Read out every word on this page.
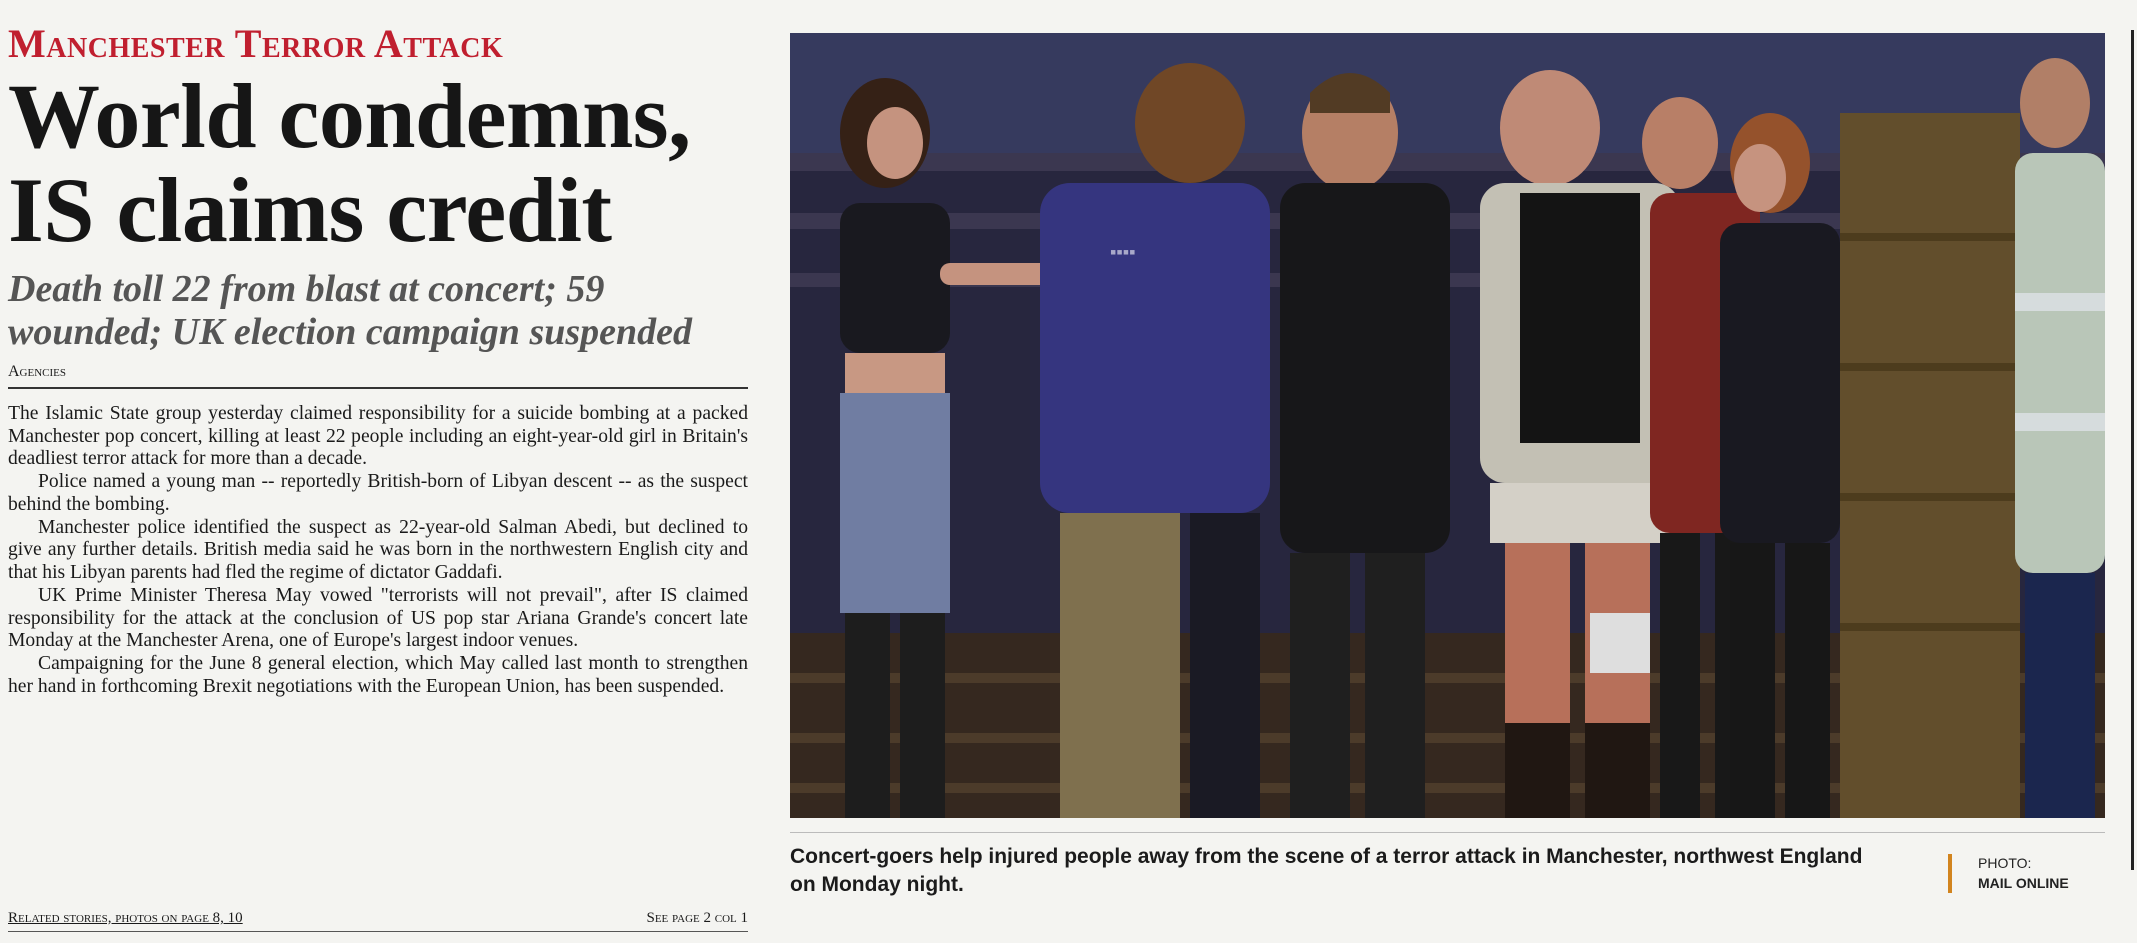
Manchester Terror Attack
World condemns,
IS claims credit
Death toll 22 from blast at concert; 59 wounded; UK election campaign suspended
Agencies

The Islamic State group yesterday claimed responsibility for a suicide bombing at a packed Manchester pop concert, killing at least 22 people including an eight-year-old girl in Britain's deadliest terror attack for more than a decade.

Police named a young man -- reportedly British-born of Libyan descent -- as the suspect behind the bombing.

Manchester police identified the suspect as 22-year-old Salman Abedi, but declined to give any further details. British media said he was born in the northwestern English city and that his Libyan parents had fled the regime of dictator Gaddafi.

UK Prime Minister Theresa May vowed "terrorists will not prevail", after IS claimed responsibility for the attack at the conclusion of US pop star Ariana Grande's concert late Monday at the Manchester Arena, one of Europe's largest indoor venues.

Campaigning for the June 8 general election, which May called last month to strengthen her hand in forthcoming Brexit negotiations with the European Union, has been suspended.

Related stories, photos on page 8, 10	See page 2 col 1
▪▪▪▪
Concert-goers help injured people away from the scene of a terror attack in Manchester, northwest England on Monday night.
PHOTO:
MAIL ONLINE
